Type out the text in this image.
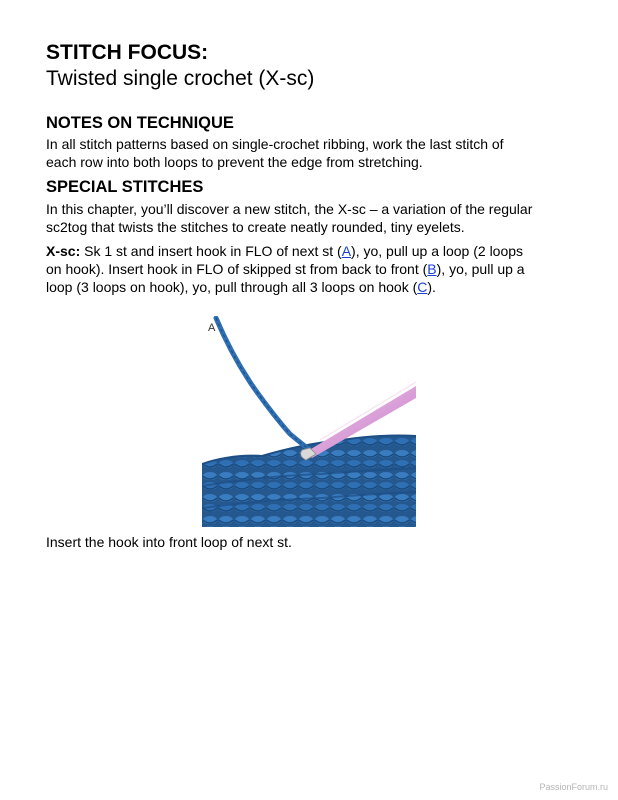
STITCH FOCUS:
Twisted single crochet (X-sc)
NOTES ON TECHNIQUE
In all stitch patterns based on single-crochet ribbing, work the last stitch of
each row into both loops to prevent the edge from stretching.
SPECIAL STITCHES
In this chapter, you’ll discover a new stitch, the X-sc – a variation of the regular
sc2tog that twists the stitches to create neatly rounded, tiny eyelets.
X-sc: Sk 1 st and insert hook in FLO of next st (A), yo, pull up a loop (2 loops
on hook). Insert hook in FLO of skipped st from back to front (B), yo, pull up a
loop (3 loops on hook), yo, pull through all 3 loops on hook (C).
A
Insert the hook into front loop of next st.
PassionForum.ru
